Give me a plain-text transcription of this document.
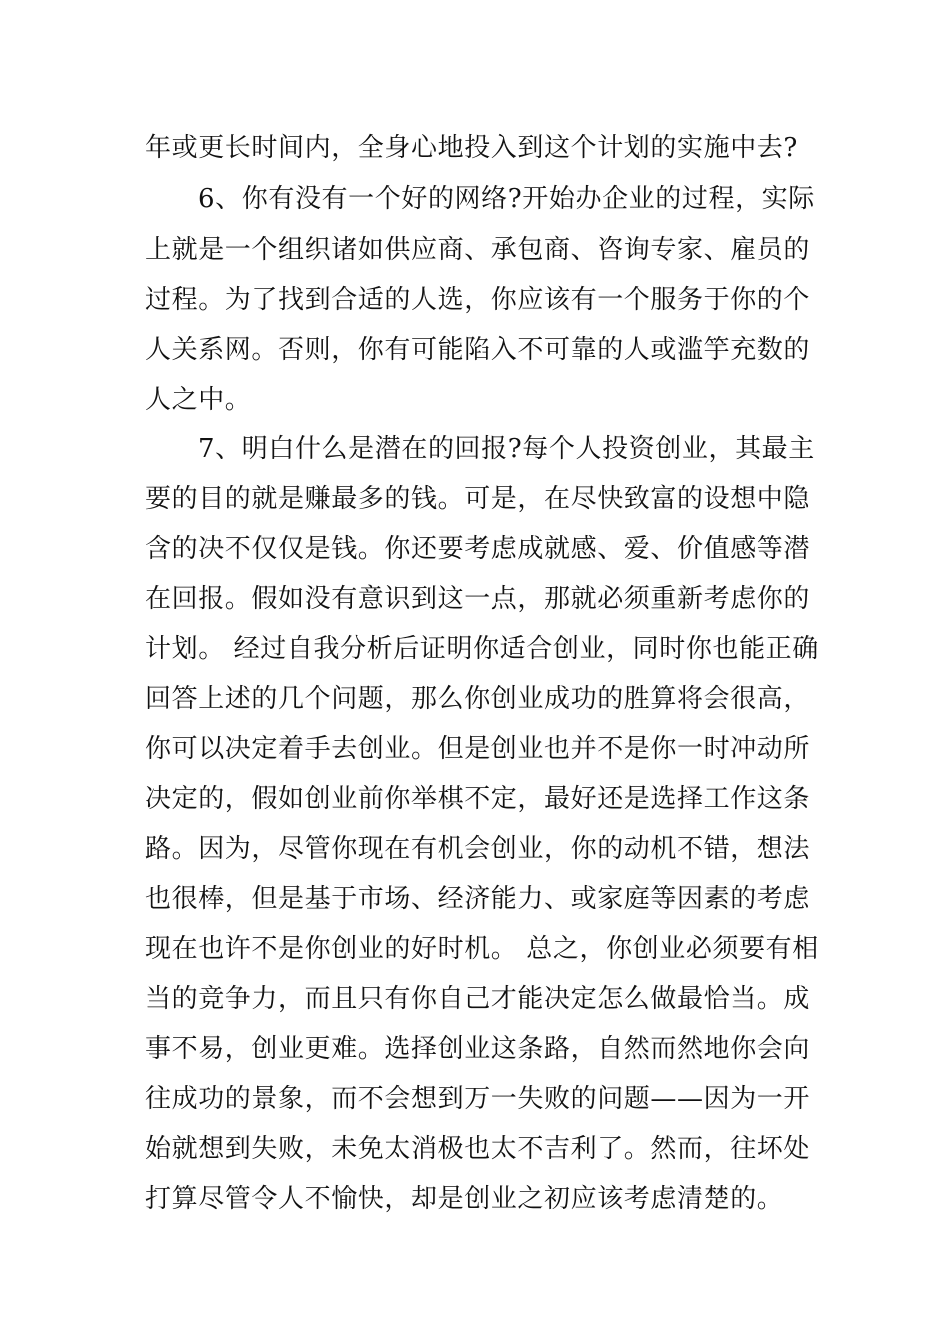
年或更长时间内，全身心地投入到这个计划的实施中去?
6、你有没有一个好的网络?开始办企业的过程，实际
上就是一个组织诸如供应商、承包商、咨询专家、雇员的
过程。为了找到合适的人选，你应该有一个服务于你的个
人关系网。否则，你有可能陷入不可靠的人或滥竽充数的
人之中。
7、明白什么是潜在的回报?每个人投资创业，其最主
要的目的就是赚最多的钱。可是，在尽快致富的设想中隐
含的决不仅仅是钱。你还要考虑成就感、爱、价值感等潜
在回报。假如没有意识到这一点，那就必须重新考虑你的
计划。 经过自我分析后证明你适合创业，同时你也能正确
回答上述的几个问题，那么你创业成功的胜算将会很高，
你可以决定着手去创业。但是创业也并不是你一时冲动所
决定的，假如创业前你举棋不定，最好还是选择工作这条
路。因为，尽管你现在有机会创业，你的动机不错，想法
也很棒，但是基于市场、经济能力、或家庭等因素的考虑
现在也许不是你创业的好时机。 总之，你创业必须要有相
当的竞争力，而且只有你自己才能决定怎么做最恰当。成
事不易，创业更难。选择创业这条路，自然而然地你会向
往成功的景象，而不会想到万一失败的问题——因为一开
始就想到失败，未免太消极也太不吉利了。然而，往坏处
打算尽管令人不愉快，却是创业之初应该考虑清楚的。
